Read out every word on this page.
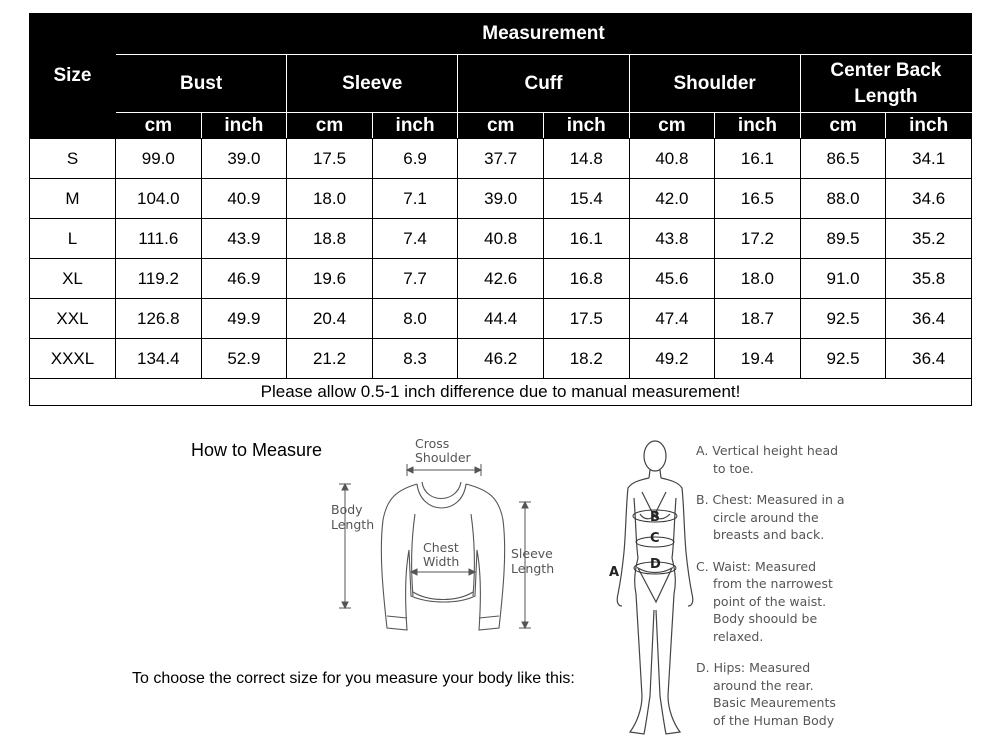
Size	Measurement									
	Bust		Sleeve		Cuff		Shoulder		Center Back Length	
	cm	inch	cm	inch	cm	inch	cm	inch	cm	inch
S	99.0	39.0	17.5	6.9	37.7	14.8	40.8	16.1	86.5	34.1
M	104.0	40.9	18.0	7.1	39.0	15.4	42.0	16.5	88.0	34.6
L	111.6	43.9	18.8	7.4	40.8	16.1	43.8	17.2	89.5	35.2
XL	119.2	46.9	19.6	7.7	42.6	16.8	45.6	18.0	91.0	35.8
XXL	126.8	49.9	20.4	8.0	44.4	17.5	47.4	18.7	92.5	36.4
XXXL	134.4	52.9	21.2	8.3	46.2	18.2	49.2	19.4	92.5	36.4
Please allow 0.5-1 inch difference due to manual measurement!										
How to Measure	Cross
Shoulder
Body
Length
Chest
Width
Sleeve
Length
To choose the correct size for you measure your body like this:
B
C
D
A
A. Vertical height head
to toe.
B. Chest: Measured in a
circle around the
breasts and back.
C. Waist: Measured
from the narrowest
point of the waist.
Body shoould be
relaxed.
D. Hips: Measured
around the rear.
Basic Meaurements
of the Human Body
